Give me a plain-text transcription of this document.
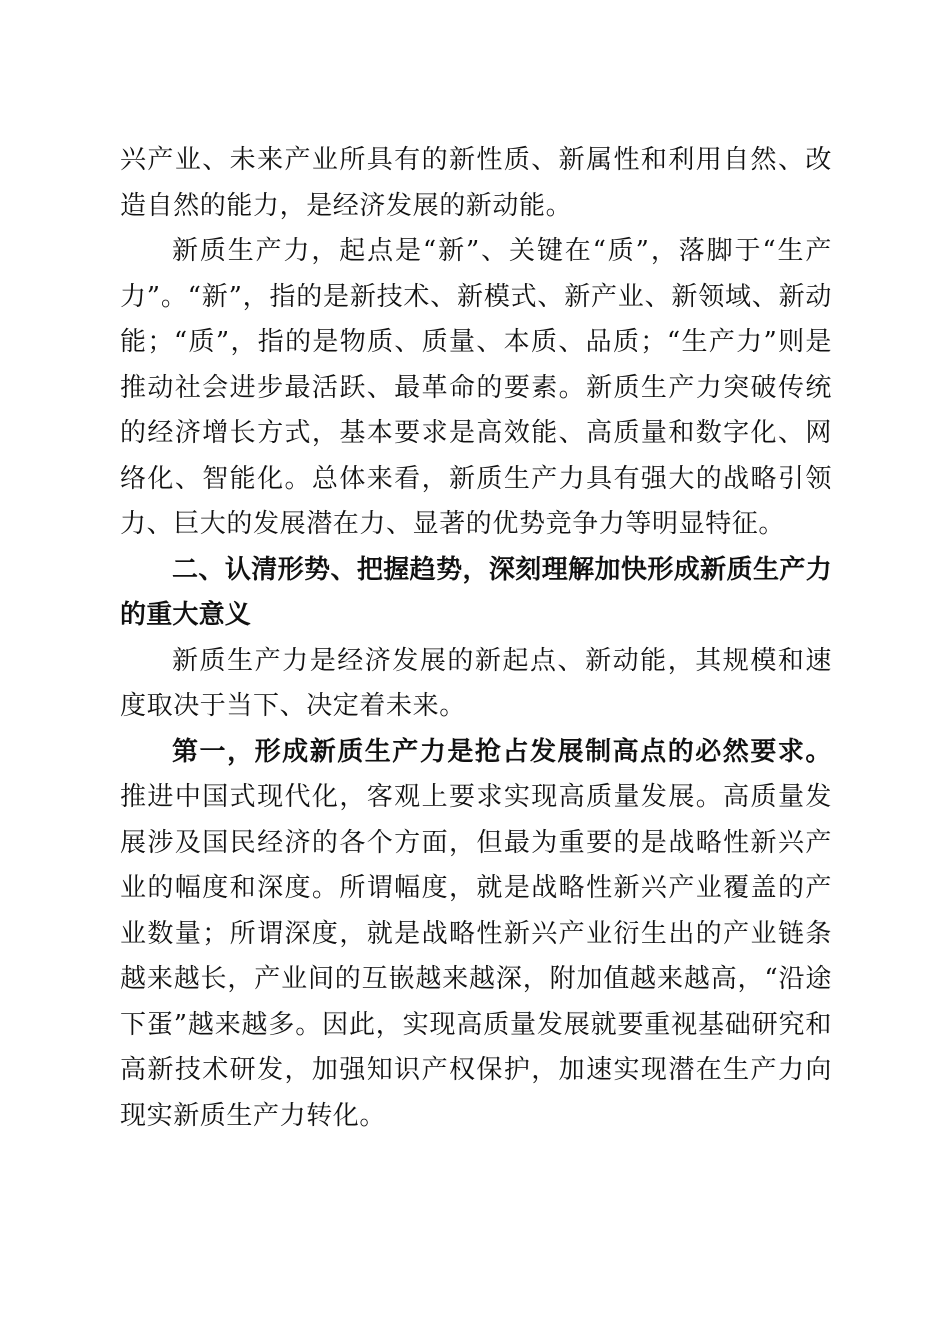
兴产业、未来产业所具有的新性质、新属性和利用自然、改造自然的能力，是经济发展的新动能。

新质生产力，起点是“新”、关键在“质”，落脚于“生产力”。“新”，指的是新技术、新模式、新产业、新领域、新动能；“质”，指的是物质、质量、本质、品质；“生产力”则是推动社会进步最活跃、最革命的要素。新质生产力突破传统的经济增长方式，基本要求是高效能、高质量和数字化、网络化、智能化。总体来看，新质生产力具有强大的战略引领力、巨大的发展潜在力、显著的优势竞争力等明显特征。

二、认清形势、把握趋势，深刻理解加快形成新质生产力的重大意义

新质生产力是经济发展的新起点、新动能，其规模和速度取决于当下、决定着未来。

第一，形成新质生产力是抢占发展制高点的必然要求。推进中国式现代化，客观上要求实现高质量发展。高质量发展涉及国民经济的各个方面，但最为重要的是战略性新兴产业的幅度和深度。所谓幅度，就是战略性新兴产业覆盖的产业数量；所谓深度，就是战略性新兴产业衍生出的产业链条越来越长，产业间的互嵌越来越深，附加值越来越高，“沿途下蛋”越来越多。因此，实现高质量发展就要重视基础研究和高新技术研发，加强知识产权保护，加速实现潜在生产力向现实新质生产力转化。
